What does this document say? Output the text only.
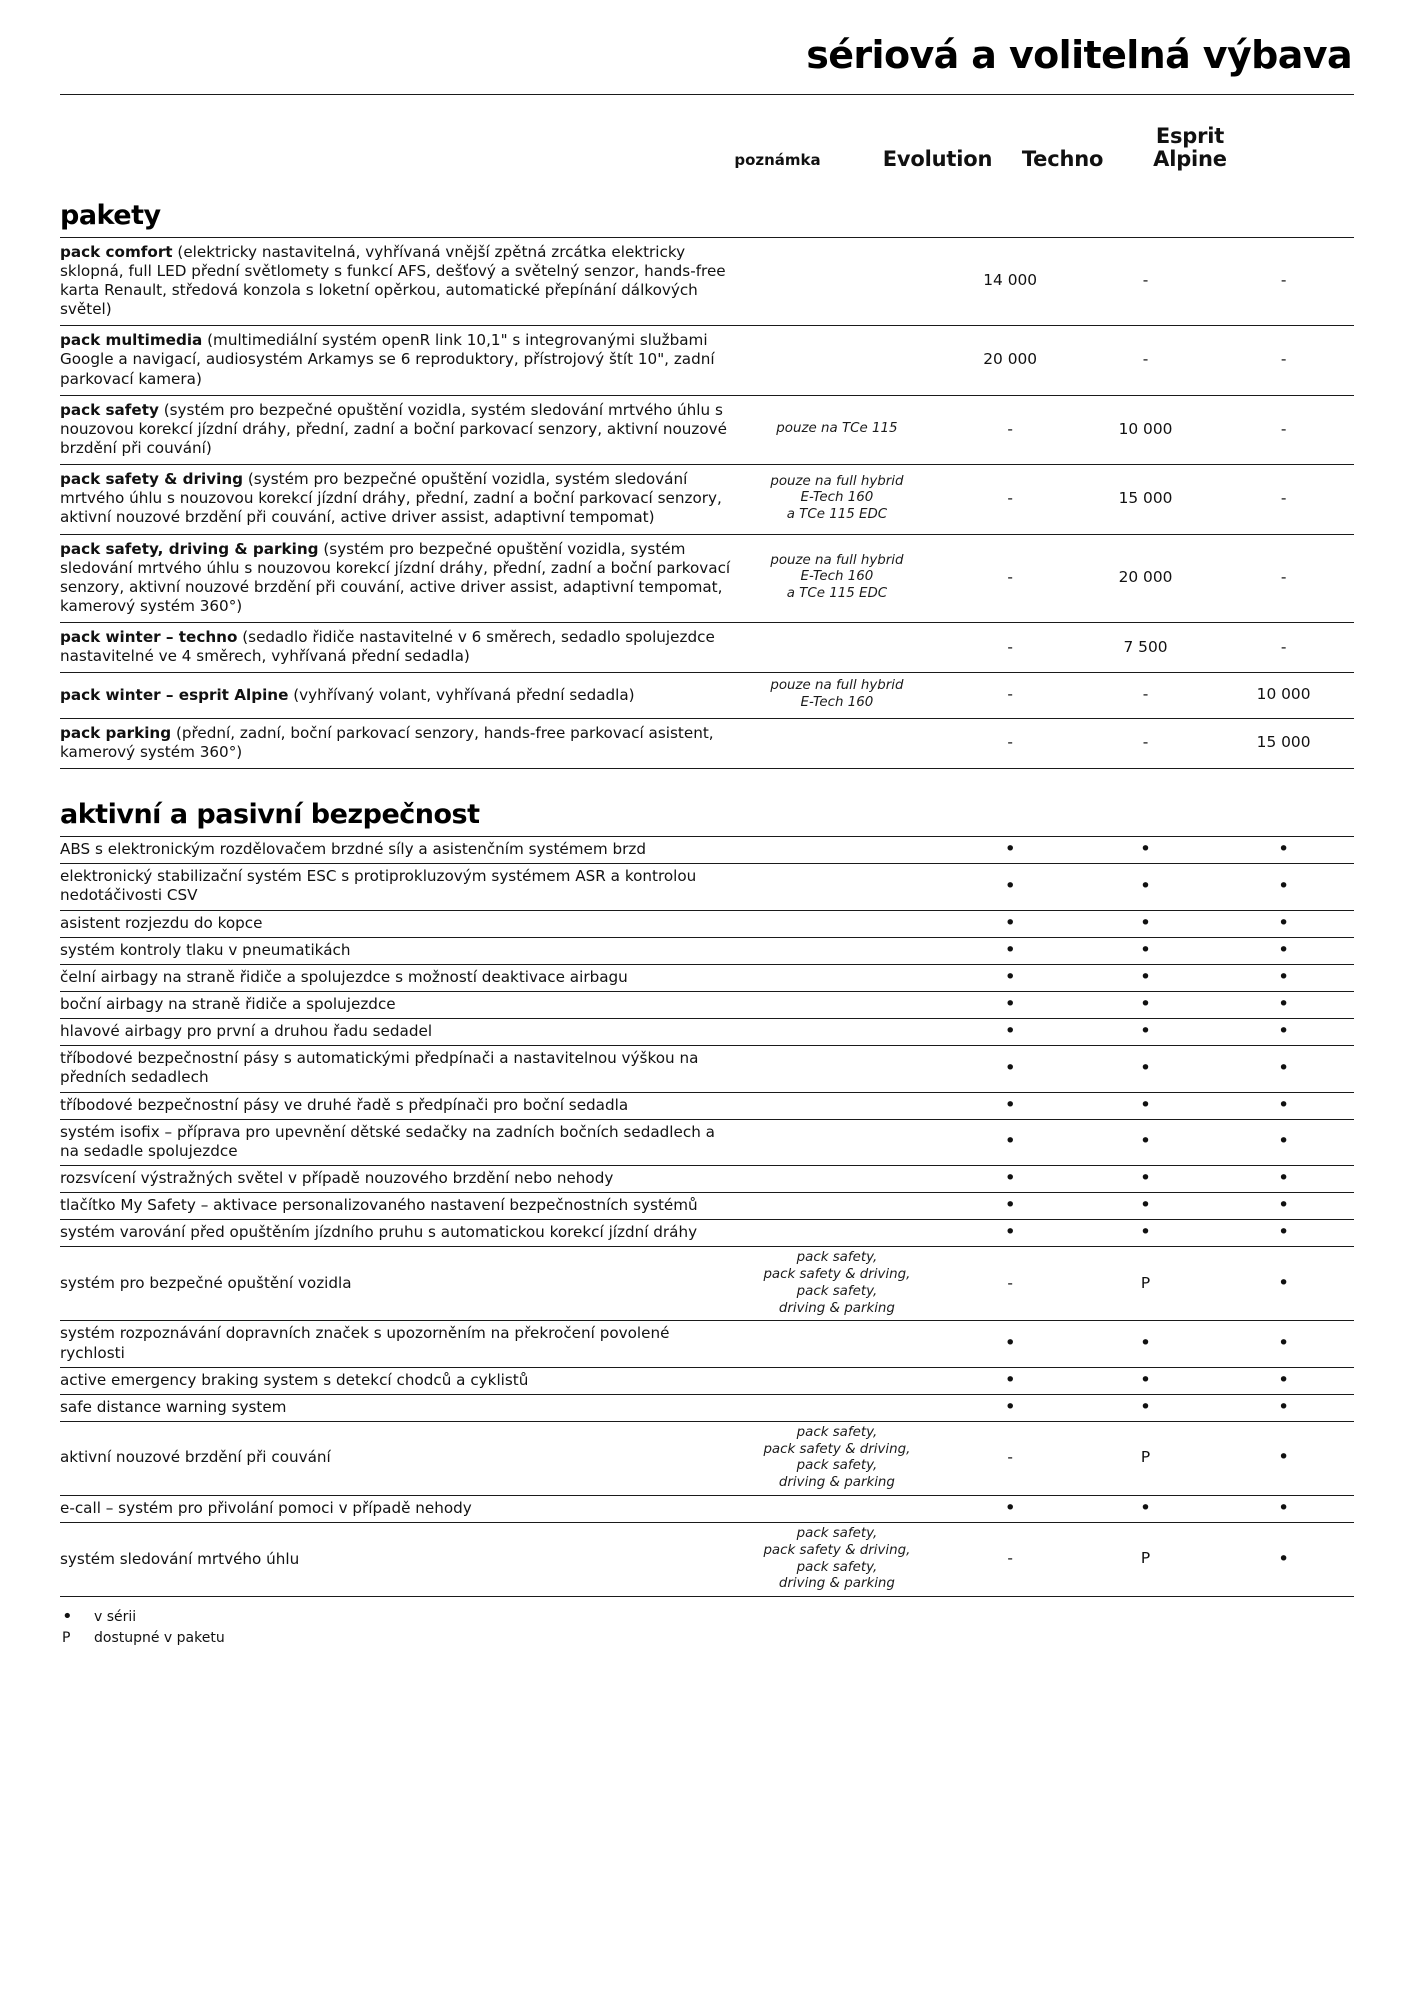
sériová a volitelná výbava
poznámka	Evolution	Techno
Esprit
Alpine
pakety
pack comfort (elektricky nastavitelná, vyhřívaná vnější zpětná zrcátka elektricky sklopná, full LED přední světlomety s funkcí AFS, dešťový a světelný senzor, hands-free karta Renault, středová konzola s loketní opěrkou, automatické přepínání dálkových světel)		14 000	-	-
pack multimedia (multimediální systém openR link 10,1" s integrovanými službami Google a navigací, audiosystém Arkamys se 6 reproduktory, přístrojový štít 10", zadní parkovací kamera)		20 000	-	-
pack safety (systém pro bezpečné opuštění vozidla, systém sledování mrtvého úhlu s nouzovou korekcí jízdní dráhy, přední, zadní a boční parkovací senzory, aktivní nouzové brzdění při couvání)	pouze na TCe 115	-	10 000	-
pack safety & driving (systém pro bezpečné opuštění vozidla, systém sledování mrtvého úhlu s nouzovou korekcí jízdní dráhy, přední, zadní a boční parkovací senzory, aktivní nouzové brzdění při couvání, active driver assist, adaptivní tempomat)	pouze na full hybrid
E-Tech 160
a TCe 115 EDC	-	15 000	-
pack safety, driving & parking (systém pro bezpečné opuštění vozidla, systém sledování mrtvého úhlu s nouzovou korekcí jízdní dráhy, přední, zadní a boční parkovací senzory, aktivní nouzové brzdění při couvání, active driver assist, adaptivní tempomat, kamerový systém 360°)	pouze na full hybrid
E-Tech 160
a TCe 115 EDC	-	20 000	-
pack winter – techno (sedadlo řidiče nastavitelné v 6 směrech, sedadlo spolujezdce nastavitelné ve 4 směrech, vyhřívaná přední sedadla)		-	7 500	-
pack winter – esprit Alpine (vyhřívaný volant, vyhřívaná přední sedadla)	pouze na full hybrid
E-Tech 160	-	-	10 000
pack parking (přední, zadní, boční parkovací senzory, hands-free parkovací asistent, kamerový systém 360°)		-	-	15 000
aktivní a pasivní bezpečnost
ABS s elektronickým rozdělovačem brzdné síly a asistenčním systémem brzd		•	•	•
elektronický stabilizační systém ESC s protiprokluzovým systémem ASR a kontrolou nedotáčivosti CSV		•	•	•
asistent rozjezdu do kopce		•	•	•
systém kontroly tlaku v pneumatikách		•	•	•
čelní airbagy na straně řidiče a spolujezdce s možností deaktivace airbagu		•	•	•
boční airbagy na straně řidiče a spolujezdce		•	•	•
hlavové airbagy pro první a druhou řadu sedadel		•	•	•
tříbodové bezpečnostní pásy s automatickými předpínači a nastavitelnou výškou na předních sedadlech		•	•	•
tříbodové bezpečnostní pásy ve druhé řadě s předpínači pro boční sedadla		•	•	•
systém isofix – příprava pro upevnění dětské sedačky na zadních bočních sedadlech a na sedadle spolujezdce		•	•	•
rozsvícení výstražných světel v případě nouzového brzdění nebo nehody		•	•	•
tlačítko My Safety – aktivace personalizovaného nastavení bezpečnostních systémů		•	•	•
systém varování před opuštěním jízdního pruhu s automatickou korekcí jízdní dráhy		•	•	•
systém pro bezpečné opuštění vozidla	pack safety,
pack safety & driving,
pack safety,
driving & parking	-	P	•
systém rozpoznávání dopravních značek s upozorněním na překročení povolené rychlosti		•	•	•
active emergency braking system s detekcí chodců a cyklistů		•	•	•
safe distance warning system		•	•	•
aktivní nouzové brzdění při couvání	pack safety,
pack safety & driving,
pack safety,
driving & parking	-	P	•
e-call – systém pro přivolání pomoci v případě nehody		•	•	•
systém sledování mrtvého úhlu	pack safety,
pack safety & driving,
pack safety,
driving & parking	-	P	•
•	v sérii
P	dostupné v paketu
